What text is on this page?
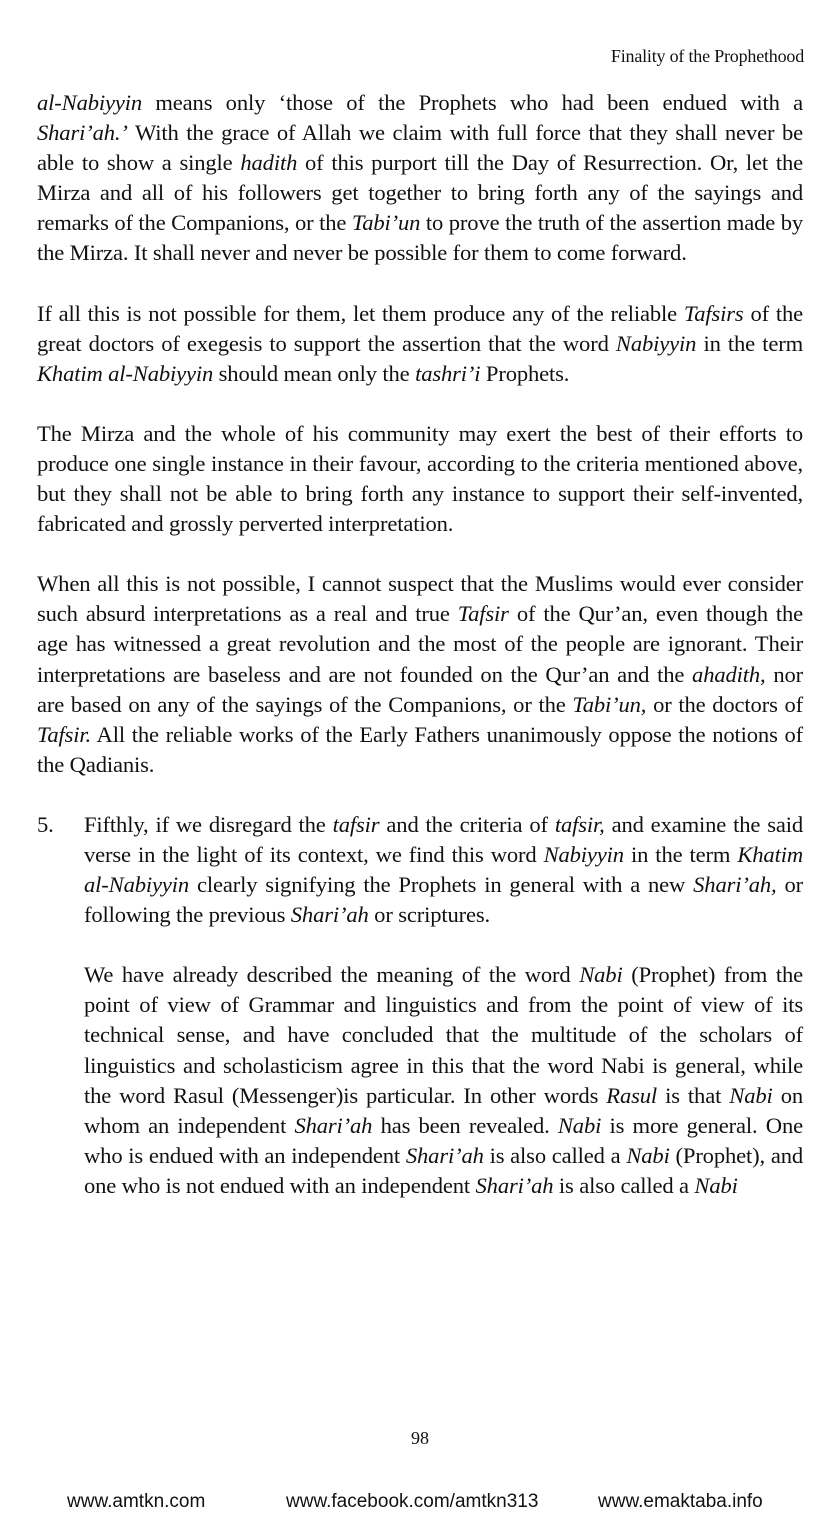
Finality of the Prophethood

al-Nabiyyin means only ‘those of the Prophets who had been endued with a Shari’ah.’ With the grace of Allah we claim with full force that they shall never be able to show a single hadith of this purport till the Day of Resurrection. Or, let the Mirza and all of his followers get together to bring forth any of the sayings and remarks of the Companions, or the Tabi’un to prove the truth of the assertion made by the Mirza. It shall never and never be possible for them to come forward.

If all this is not possible for them, let them produce any of the reliable Tafsirs of the great doctors of exegesis to support the assertion that the word Nabiyyin in the term Khatim al-Nabiyyin should mean only the tashri’i Prophets.

The Mirza and the whole of his community may exert the best of their efforts to produce one single instance in their favour, according to the criteria mentioned above, but they shall not be able to bring forth any instance to support their self-invented, fabricated and grossly perverted interpretation.

When all this is not possible, I cannot suspect that the Muslims would ever consider such absurd interpretations as a real and true Tafsir of the Qur’an, even though the age has witnessed a great revolution and the most of the people are ignorant. Their interpretations are baseless and are not founded on the Qur’an and the ahadith, nor are based on any of the sayings of the Companions, or the Tabi’un, or the doctors of Tafsir. All the reliable works of the Early Fathers unanimously oppose the notions of the Qadianis.

5. Fifthly, if we disregard the tafsir and the criteria of tafsir, and examine the said verse in the light of its context, we find this word Nabiyyin in the term Khatim al-Nabiyyin clearly signifying the Prophets in general with a new Shari’ah, or following the previous Shari’ah or scriptures.

We have already described the meaning of the word Nabi (Prophet) from the point of view of Grammar and linguistics and from the point of view of its technical sense, and have concluded that the multitude of the scholars of linguistics and scholasticism agree in this that the word Nabi is general, while the word Rasul (Messenger)is particular. In other words Rasul is that Nabi on whom an independent Shari’ah has been revealed. Nabi is more general. One who is endued with an independent Shari’ah is also called a Nabi (Prophet), and one who is not endued with an independent Shari’ah is also called a Nabi

98
www.amtkn.com	www.facebook.com/amtkn313	www.emaktaba.info
